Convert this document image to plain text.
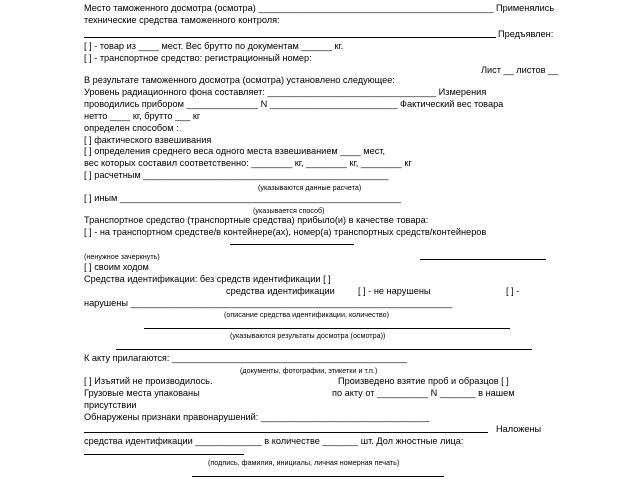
Место таможенного досмотра (осмотра) ______________________________________________ Применялись
технические средства таможенного контроля:
Предъявлен:
[ ] - товар из ____ мест. Вес брутто по документам ______ кг.
[ ] - транспортное средство: регистрационный номер:
Лист __ листов __
В результате таможенного досмотра (осмотра) установлено следующее:
Уровень радиационного фона составляет: _________________________________ Измерения
проводились прибором ______________ N _________________________ Фактический вес товара
нетто ____ кг, брутто ___ кг
определен способом :
[ ] фактического взвешивания
[ ] определения среднего веса одного места взвешиванием ____ мест,
вес которых составил соответственно: ________ кг, ________ кг, ________ кг
[ ] расчетным ________________________________________________
(указываются данные расчета)
[ ] иным _______________________________________________________
(указывается способ)
Транспортное средство (транспортные средства) прибыло(и) в качестве товара:
[ ] - на транспортном средстве/в контейнере(ах), номер(а) транспортных средств/контейнеров
(ненужное зачеркнуть)
[ ] своим ходом
Средства идентификации: без средств идентификации [ ]
средства идентификации	[ ] - не нарушены	[ ] -
нарушены _______________________________________________________________
(описание средства идентификации, количество)
(указываются результаты досмотра (осмотра))
К акту прилагаются: ______________________________________________
(документы, фотографии, этикетки и т.п.)
[ ] Изъятий не производилось.	Произведено взятие проб и образцов [ ]
Грузовые места упакованы	по акту от __________ N _______ в нашем
присутствии
Обнаружены признаки правонарушений: _________________________________
Наложены
средства идентификации _____________ в количестве _______ шт. Дол жностные лица:
(подпись, фамилия, инициалы, личная номерная печать)
